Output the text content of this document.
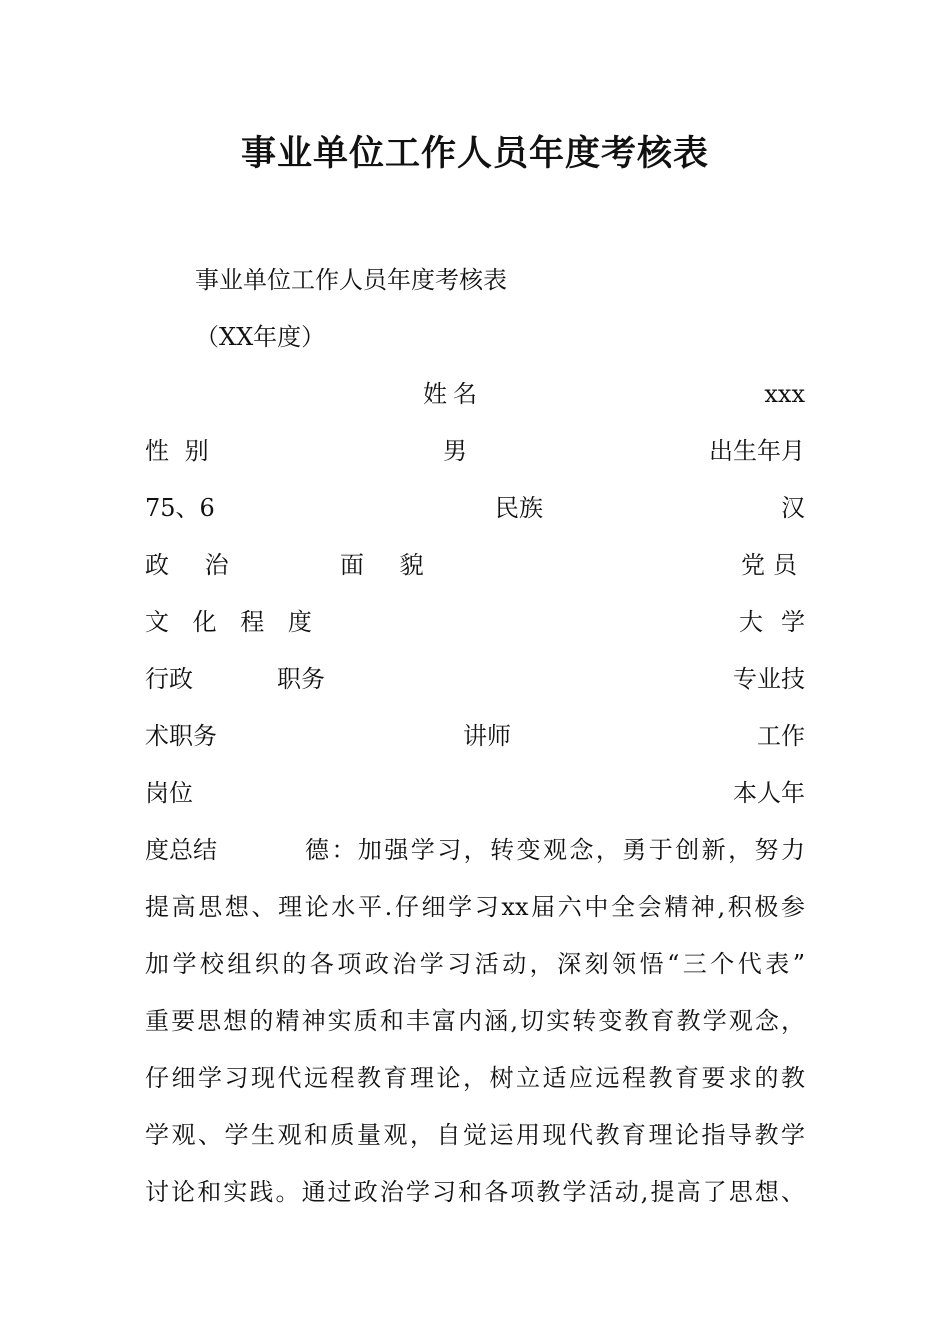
事业单位工作人员年度考核表
事业单位工作人员年度考核表
（XX年度）
姓名	xxx
性 别	男	出生年月
75、6	民族	汉
政 治	面 貌	党员
文 化 程 度	大学
行政	职务	专业技
术职务	讲师	工作
岗位	本人年
度总结	德：加强学习，转变观念，勇于创新，努力
提高思想、理论水平.仔细学习xx届六中全会精神,积极参
加学校组织的各项政治学习活动，深刻领悟“三个代表”
重要思想的精神实质和丰富内涵,切实转变教育教学观念，
仔细学习现代远程教育理论，树立适应远程教育要求的教
学观、学生观和质量观，自觉运用现代教育理论指导教学
讨论和实践。通过政治学习和各项教学活动,提高了思想、
